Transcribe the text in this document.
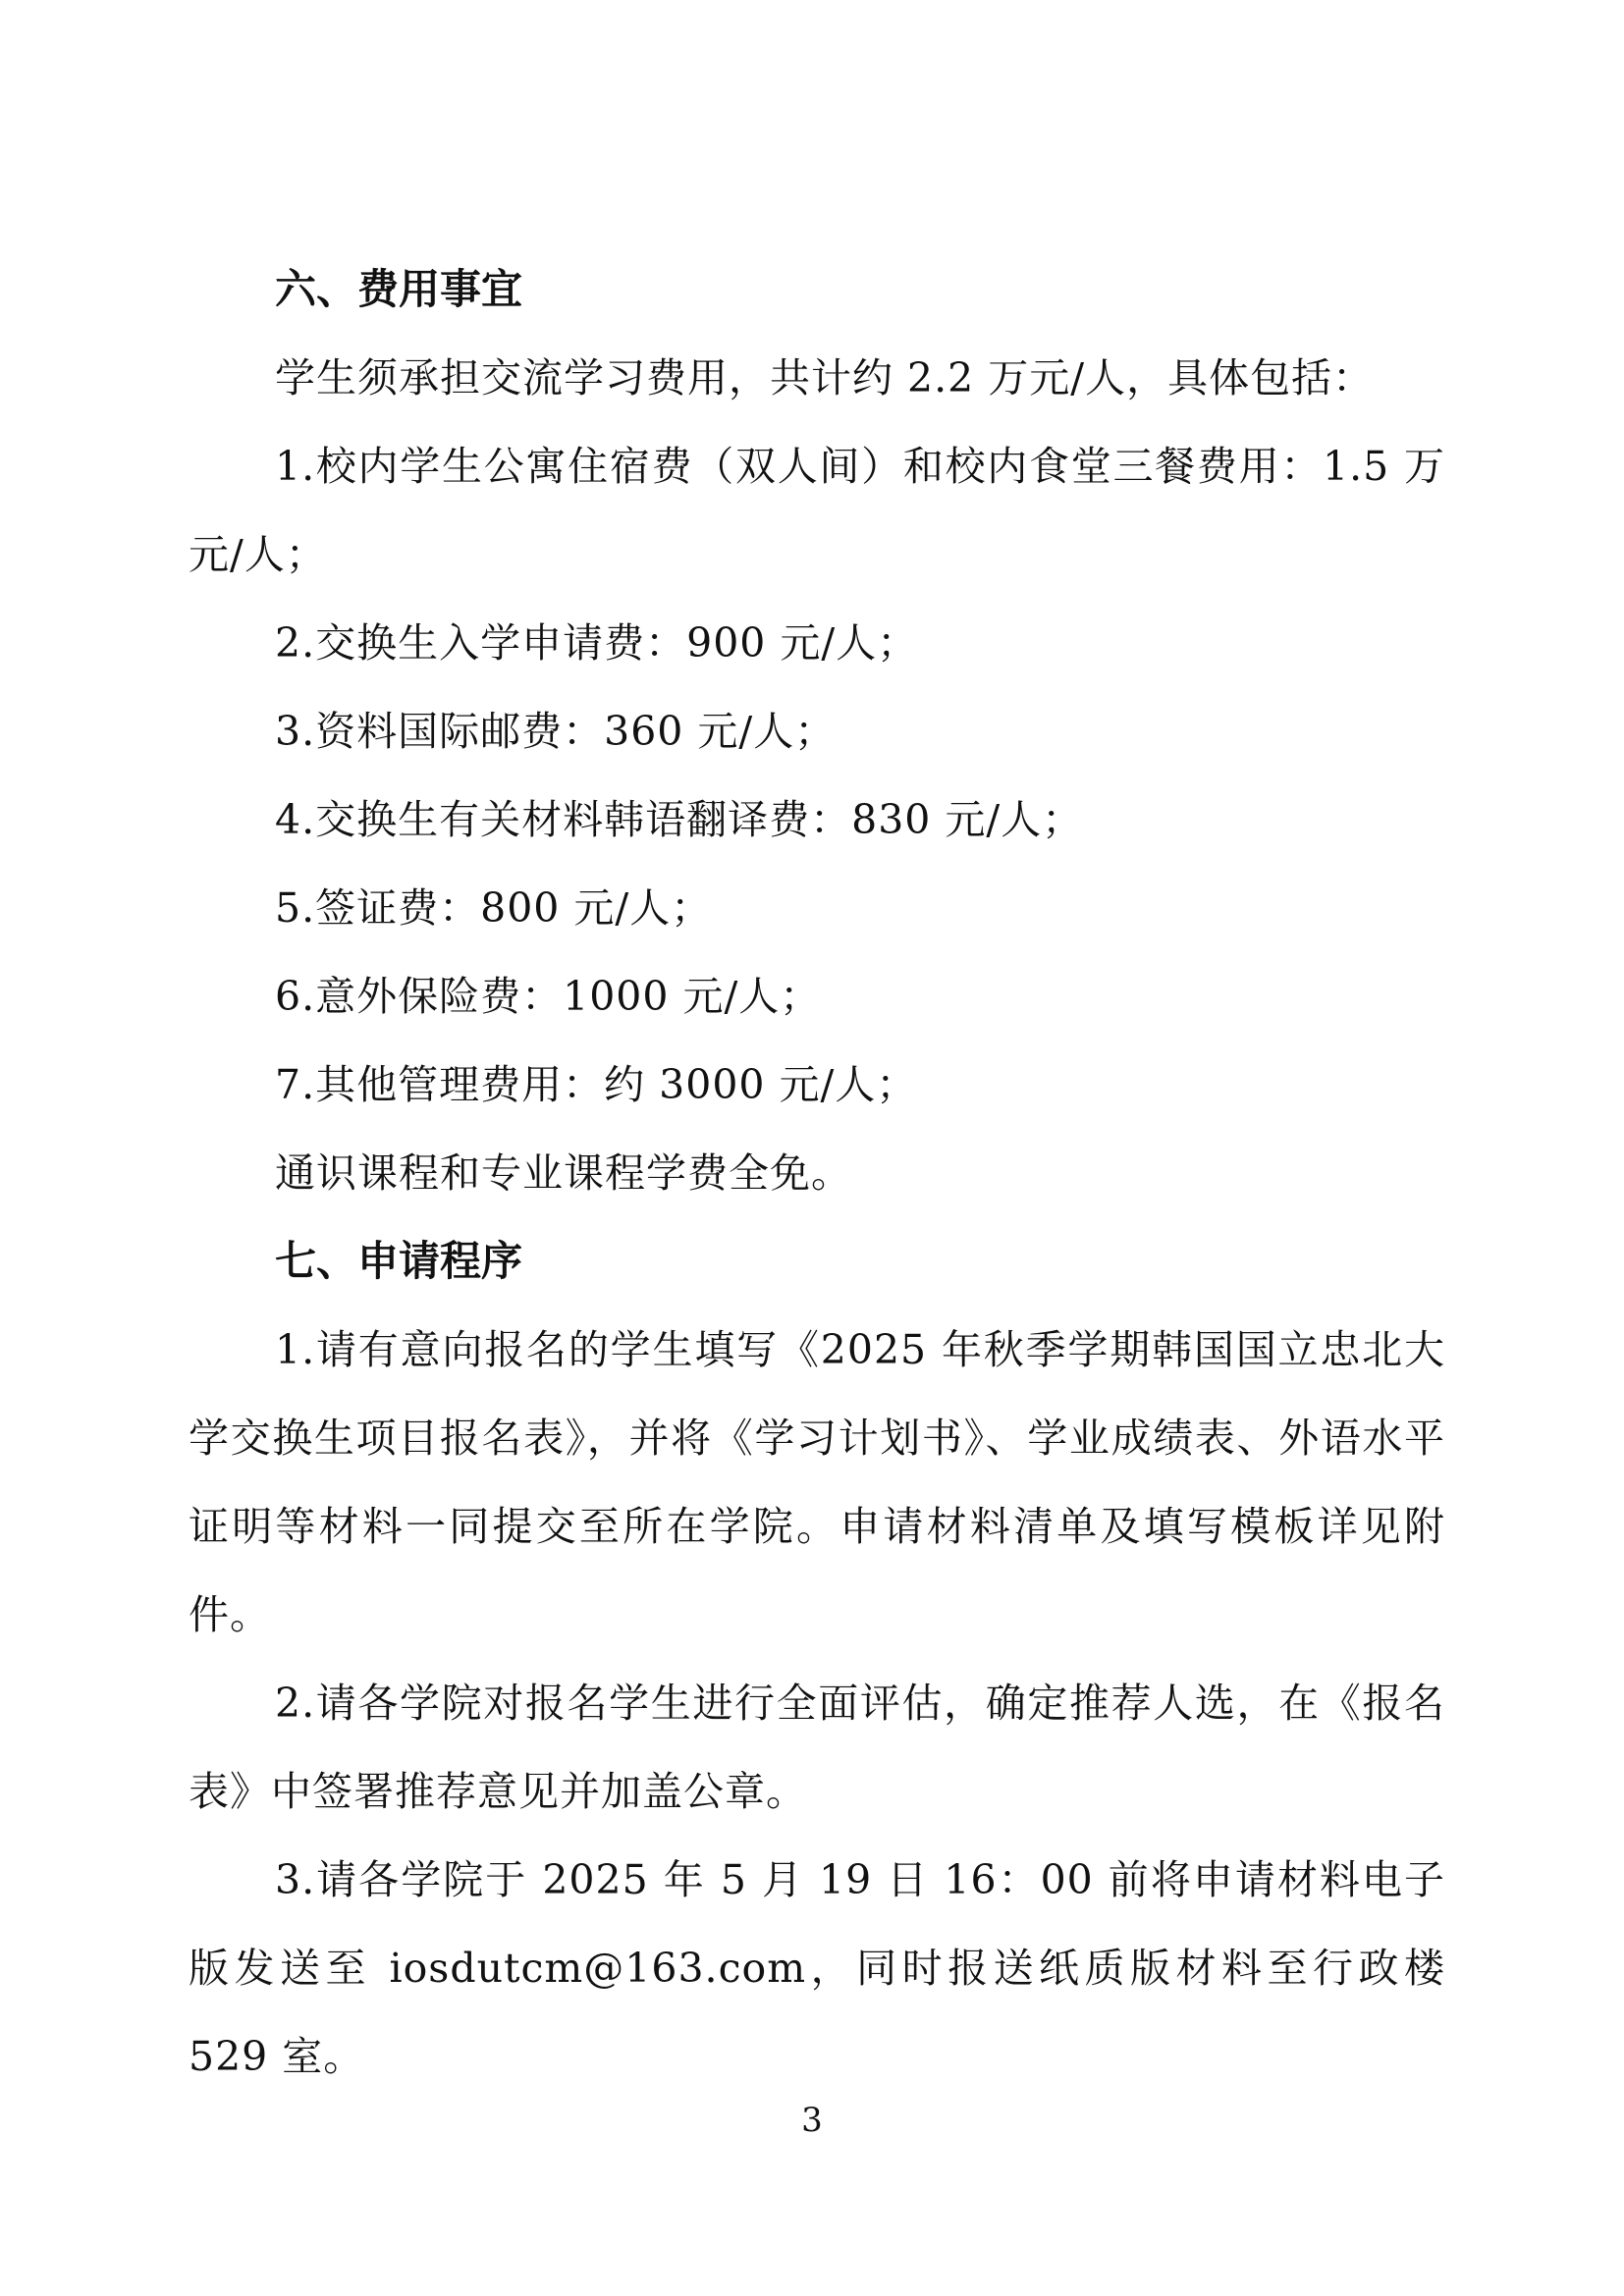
六、费用事宜

学生须承担交流学习费用，共计约 2.2 万元/人，具体包括：

1.校内学生公寓住宿费（双人间）和校内食堂三餐费用：1.5 万元/人；

2.交换生入学申请费：900 元/人；

3.资料国际邮费：360 元/人；

4.交换生有关材料韩语翻译费：830 元/人；

5.签证费：800 元/人；

6.意外保险费：1000 元/人；

7.其他管理费用：约 3000 元/人；

通识课程和专业课程学费全免。

七、申请程序

1.请有意向报名的学生填写《2025 年秋季学期韩国国立忠北大学交换生项目报名表》，并将《学习计划书》、学业成绩表、外语水平证明等材料一同提交至所在学院。申请材料清单及填写模板详见附件。

2.请各学院对报名学生进行全面评估，确定推荐人选，在《报名表》中签署推荐意见并加盖公章。

3.请各学院于 2025 年 5 月 19 日 16：00 前将申请材料电子版发送至 iosdutcm@163.com，同时报送纸质版材料至行政楼 529 室。

3
